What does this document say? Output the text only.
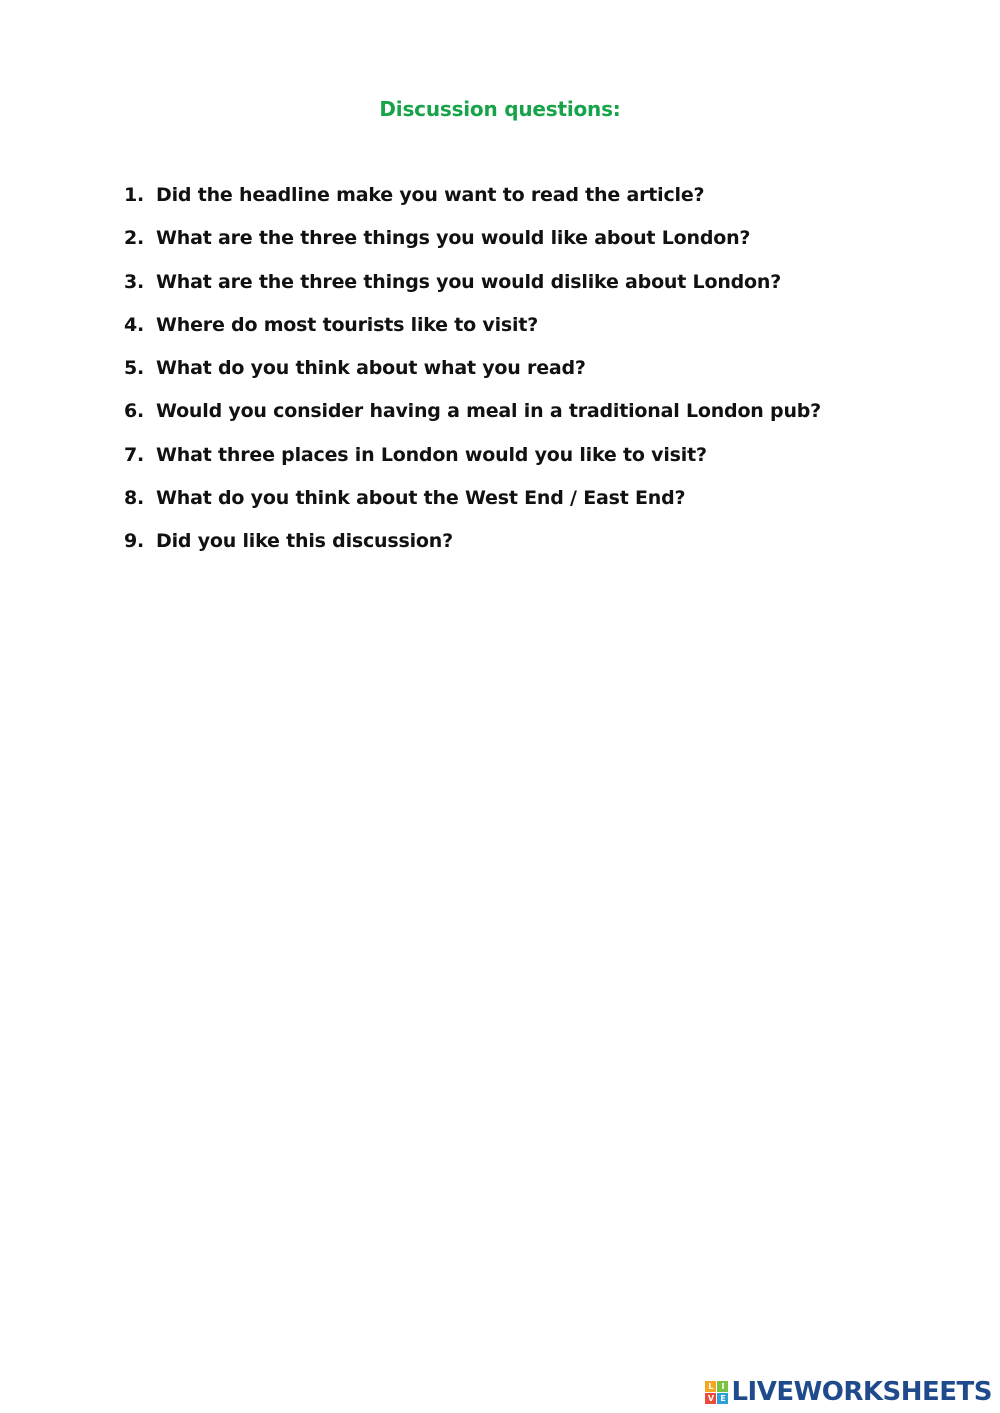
Discussion questions:
1. Did the headline make you want to read the article?
2. What are the three things you would like about London?
3. What are the three things you would dislike about London?
4. Where do most tourists like to visit?
5. What do you think about what you read?
6. Would you consider having a meal in a traditional London pub?
7. What three places in London would you like to visit?
8. What do you think about the West End / East End?
9. Did you like this discussion?
L I
V E LIVEWORKSHEETS
